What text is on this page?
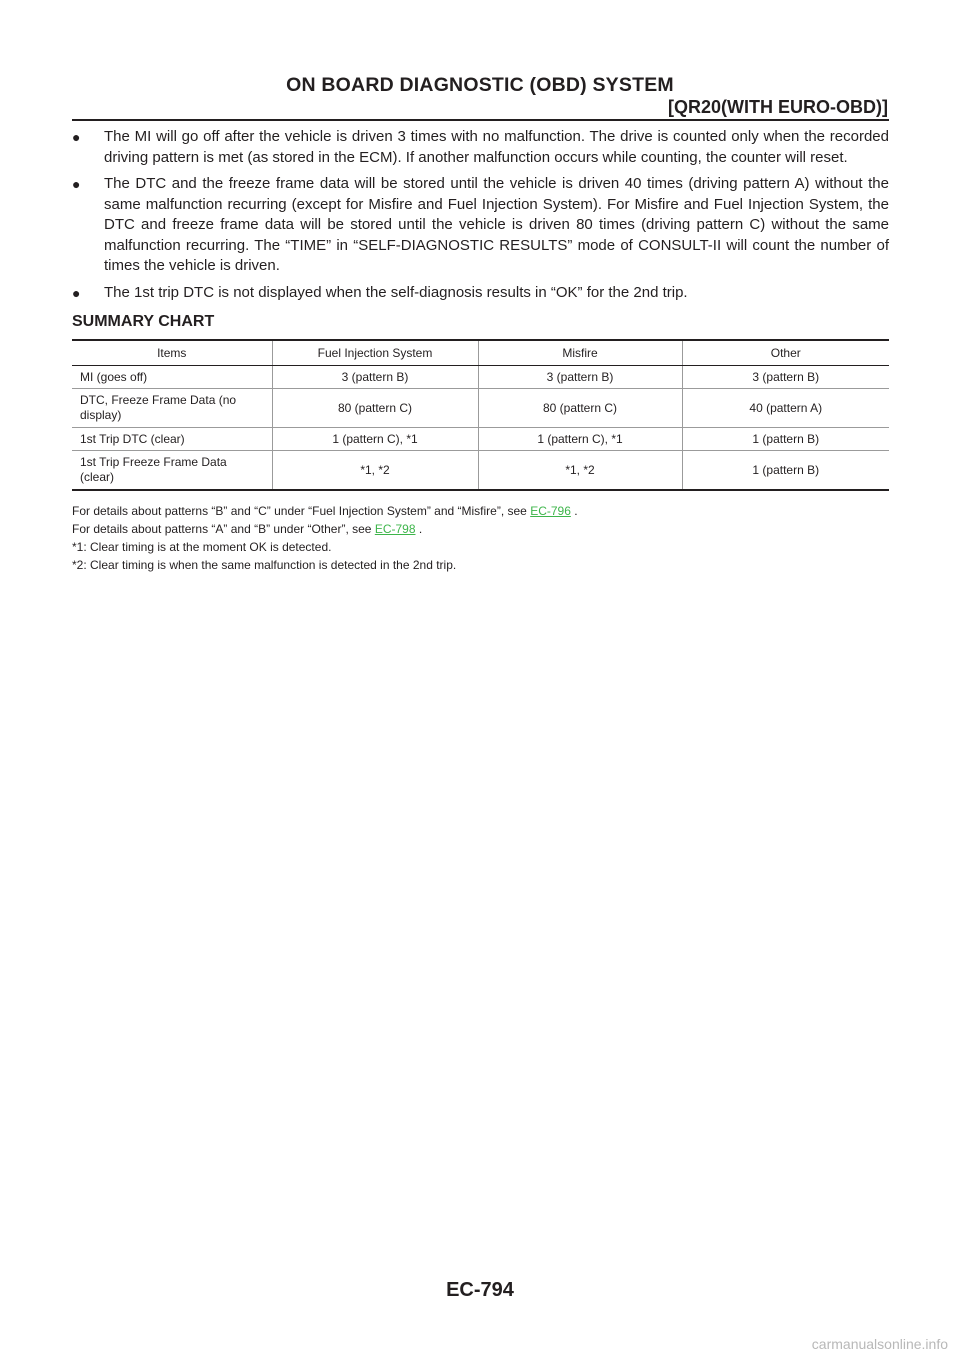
ON BOARD DIAGNOSTIC (OBD) SYSTEM
[QR20(WITH EURO-OBD)]
● The MI will go off after the vehicle is driven 3 times with no malfunction. The drive is counted only when the recorded driving pattern is met (as stored in the ECM). If another malfunction occurs while counting, the counter will reset.
● The DTC and the freeze frame data will be stored until the vehicle is driven 40 times (driving pattern A) without the same malfunction recurring (except for Misfire and Fuel Injection System). For Misfire and Fuel Injection System, the DTC and freeze frame data will be stored until the vehicle is driven 80 times (driving pattern C) without the same malfunction recurring. The “TIME” in “SELF-DIAGNOSTIC RESULTS” mode of CONSULT-II will count the number of times the vehicle is driven.
● The 1st trip DTC is not displayed when the self-diagnosis results in “OK” for the 2nd trip.
SUMMARY CHART
Items	Fuel Injection System	Misfire	Other
MI (goes off)	3 (pattern B)	3 (pattern B)	3 (pattern B)
DTC, Freeze Frame Data (no display)	80 (pattern C)	80 (pattern C)	40 (pattern A)
1st Trip DTC (clear)	1 (pattern C), *1	1 (pattern C), *1	1 (pattern B)
1st Trip Freeze Frame Data (clear)	*1, *2	*1, *2	1 (pattern B)
For details about patterns “B” and “C” under “Fuel Injection System” and “Misfire”, see EC-796 .
For details about patterns “A” and “B” under “Other”, see EC-798 .
*1: Clear timing is at the moment OK is detected.
*2: Clear timing is when the same malfunction is detected in the 2nd trip.
EC-794
carmanualsonline.info
